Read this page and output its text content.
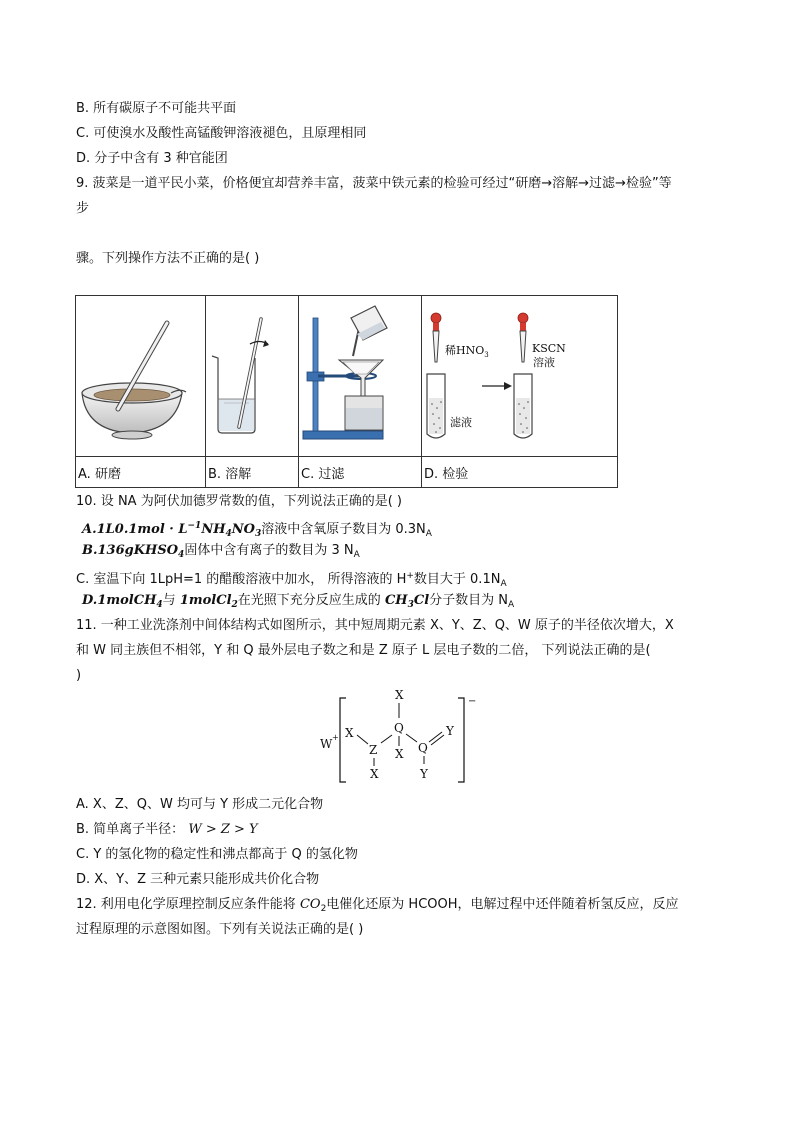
B. 所有碳原子不可能共平面
C. 可使溴水及酸性高锰酸钾溶液褪色，且原理相同
D. 分子中含有 3 种官能团
9. 菠菜是一道平民小菜，价格便宜却营养丰富，菠菜中铁元素的检验可经过“研磨→溶解→过滤→检验”等
步
骤。下列操作方法不正确的是( )

稀$HNO_3$
滤液
KSCN
溶液

A. 研磨	B. 溶解	C. 过滤	D. 检验
10. 设 NA 为阿伏加德罗常数的值，下列说法正确的是( )
$A.1L0.1mol \cdot L^{-1}NH_4NO_3$溶液中含氧原子数目为 $0.3N_A$
B.136gKHSO$_4$固体中含有离子的数目为 3 $N_A$
C. 室温下向 1LpH=1 的醋酸溶液中加水， 所得溶液的 H+数目大于 $0.1N_A$
D.1molCH$_4$与 1molCl$_2$在光照下充分反应生成的 $CH_3Cl$分子数目为 $N_A$
11. 一种工业洗涤剂中间体结构式如图所示，其中短周期元素 X、Y、Z、Q、W 原子的半径依次增大，X
和 W 同主族但不相邻，Y 和 Q 最外层电子数之和是 Z 原子 L 层电子数的二倍， 下列说法正确的是(
)
W +
−
X
Z
X
X
Q
X Q
Y
Y
A. X、Z、Q、W 均可与 Y 形成二元化合物
B. 简单离子半径： W > Z > Y
C. Y 的氢化物的稳定性和沸点都高于 Q 的氢化物
D. X、Y、Z 三种元素只能形成共价化合物
12. 利用电化学原理控制反应条件能将 $CO_2$电催化还原为 HCOOH，电解过程中还伴随着析氢反应，反应
过程原理的示意图如图。下列有关说法正确的是( )
